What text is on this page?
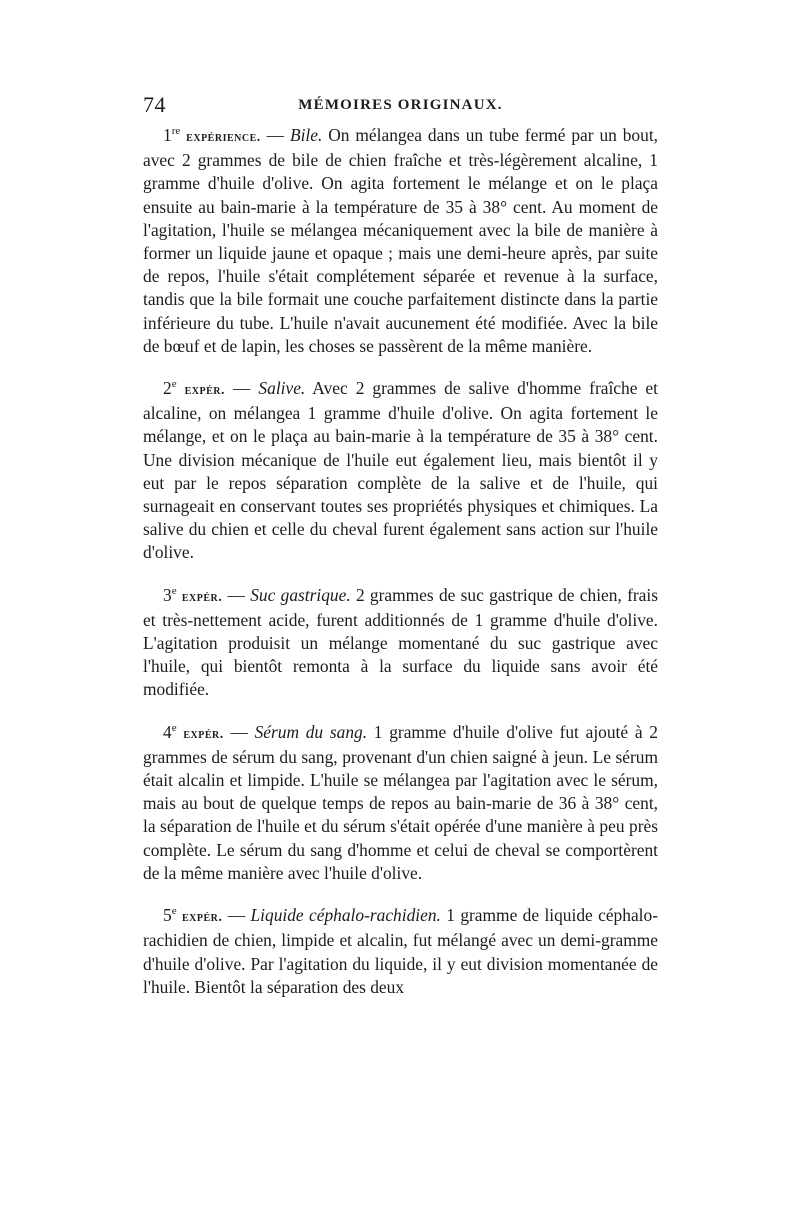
74	MÉMOIRES ORIGINAUX.

1re expérience. — Bile. On mélangea dans un tube fermé par un bout, avec 2 grammes de bile de chien fraîche et très-légèrement alcaline, 1 gramme d'huile d'olive. On agita fortement le mélange et on le plaça ensuite au bain-marie à la température de 35 à 38° cent. Au moment de l'agitation, l'huile se mélangea mécaniquement avec la bile de manière à former un liquide jaune et opaque ; mais une demi-heure après, par suite de repos, l'huile s'était complétement séparée et revenue à la surface, tandis que la bile formait une couche parfaitement distincte dans la partie inférieure du tube. L'huile n'avait aucunement été modifiée. Avec la bile de bœuf et de lapin, les choses se passèrent de la même manière.

2e expér. — Salive. Avec 2 grammes de salive d'homme fraîche et alcaline, on mélangea 1 gramme d'huile d'olive. On agita fortement le mélange, et on le plaça au bain-marie à la température de 35 à 38° cent. Une division mécanique de l'huile eut également lieu, mais bientôt il y eut par le repos séparation complète de la salive et de l'huile, qui surnageait en conservant toutes ses propriétés physiques et chimiques. La salive du chien et celle du cheval furent également sans action sur l'huile d'olive.

3e expér. — Suc gastrique. 2 grammes de suc gastrique de chien, frais et très-nettement acide, furent additionnés de 1 gramme d'huile d'olive. L'agitation produisit un mélange momentané du suc gastrique avec l'huile, qui bientôt remonta à la surface du liquide sans avoir été modifiée.

4e expér. — Sérum du sang. 1 gramme d'huile d'olive fut ajouté à 2 grammes de sérum du sang, provenant d'un chien saigné à jeun. Le sérum était alcalin et limpide. L'huile se mélangea par l'agitation avec le sérum, mais au bout de quelque temps de repos au bain-marie de 36 à 38° cent, la séparation de l'huile et du sérum s'était opérée d'une manière à peu près complète. Le sérum du sang d'homme et celui de cheval se comportèrent de la même manière avec l'huile d'olive.

5e expér. — Liquide céphalo-rachidien. 1 gramme de liquide céphalo-rachidien de chien, limpide et alcalin, fut mélangé avec un demi-gramme d'huile d'olive. Par l'agitation du liquide, il y eut division momentanée de l'huile. Bientôt la séparation des deux
